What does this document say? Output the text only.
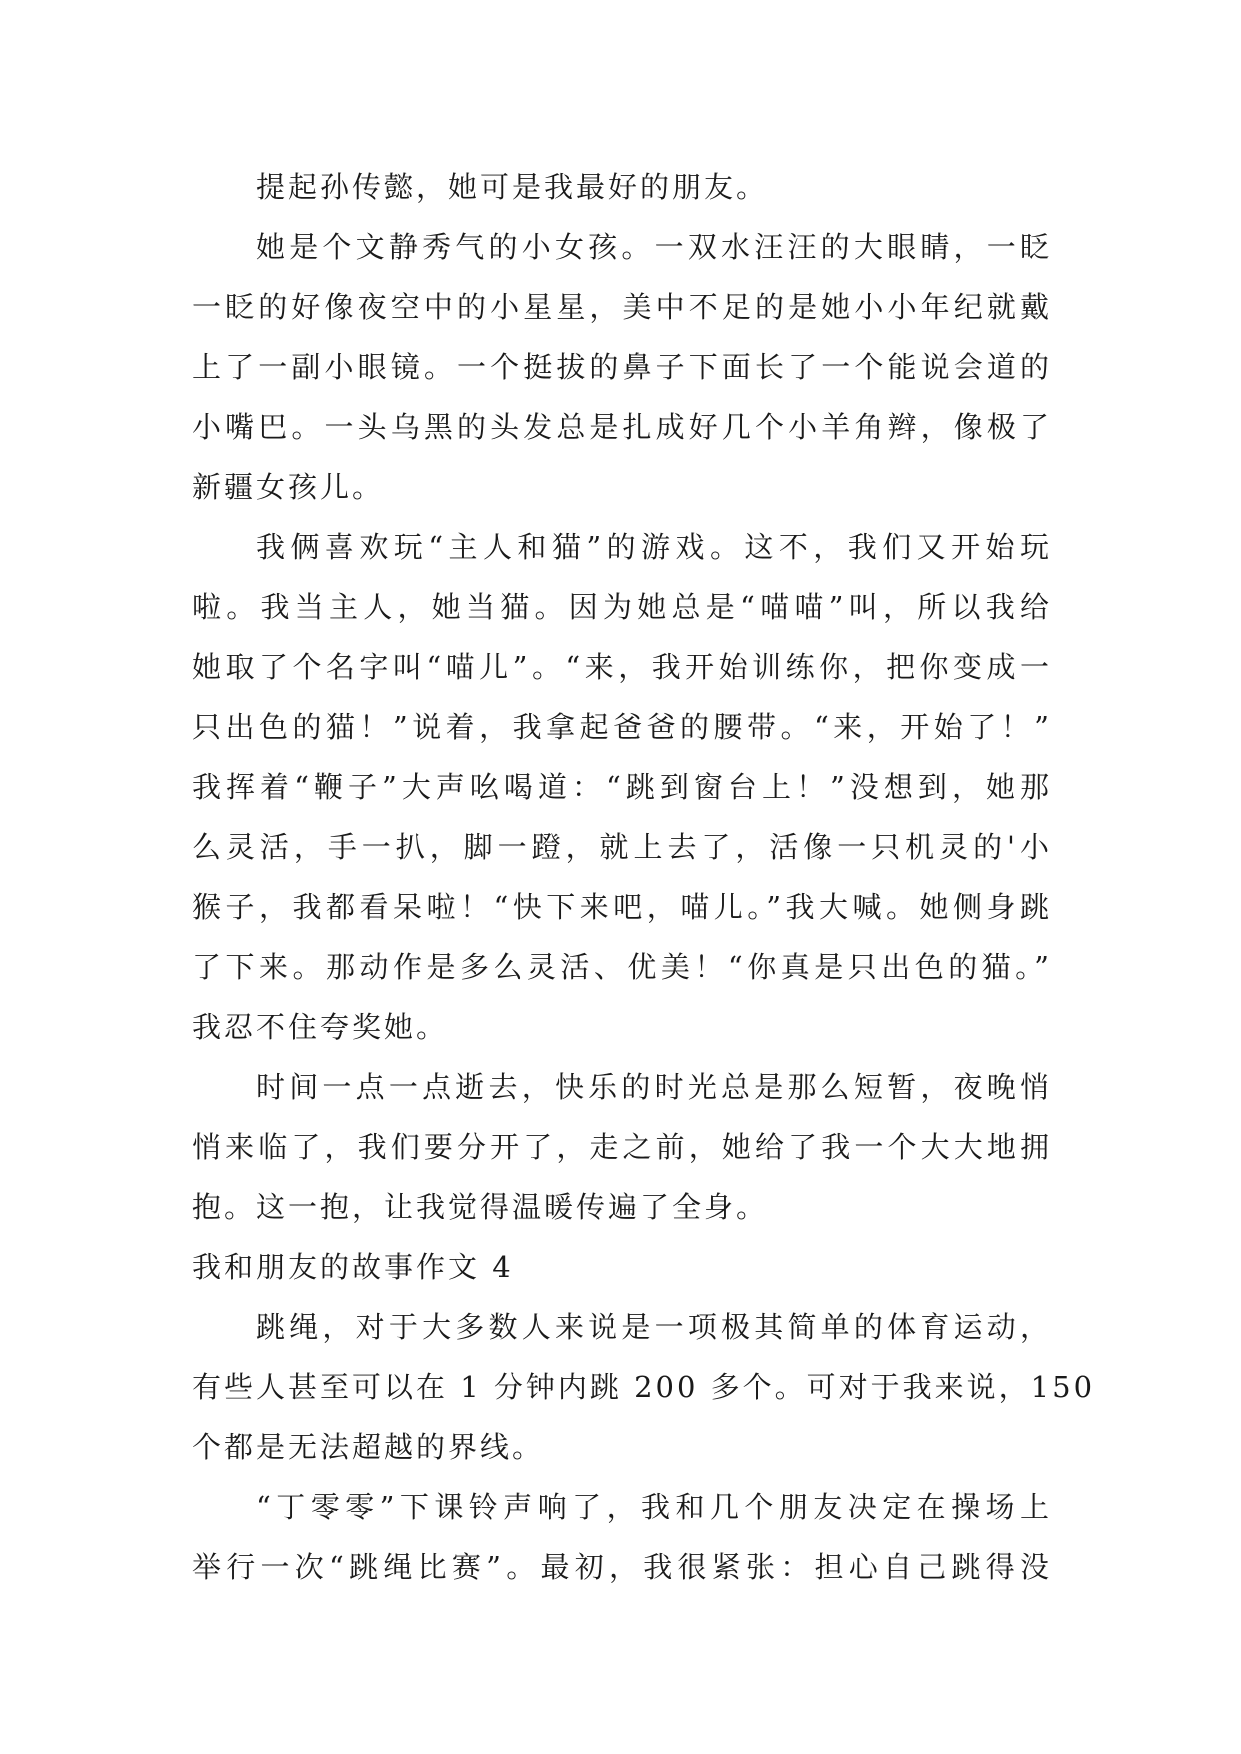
提起孙传懿，她可是我最好的朋友。
她是个文静秀气的小女孩。一双水汪汪的大眼睛，一眨
一眨的好像夜空中的小星星，美中不足的是她小小年纪就戴
上了一副小眼镜。一个挺拔的鼻子下面长了一个能说会道的
小嘴巴。一头乌黑的头发总是扎成好几个小羊角辫，像极了
新疆女孩儿。
我俩喜欢玩“主人和猫”的游戏。这不，我们又开始玩
啦。我当主人，她当猫。因为她总是“喵喵”叫，所以我给
她取了个名字叫“喵儿”。“来，我开始训练你，把你变成一
只出色的猫！”说着，我拿起爸爸的腰带。“来，开始了！”
我挥着“鞭子”大声吆喝道：“跳到窗台上！”没想到，她那
么灵活，手一扒，脚一蹬，就上去了，活像一只机灵的'小
猴子，我都看呆啦！“快下来吧，喵儿。”我大喊。她侧身跳
了下来。那动作是多么灵活、优美！“你真是只出色的猫。”
我忍不住夸奖她。
时间一点一点逝去，快乐的时光总是那么短暂，夜晚悄
悄来临了，我们要分开了，走之前，她给了我一个大大地拥
抱。这一抱，让我觉得温暖传遍了全身。
我和朋友的故事作文 4
跳绳，对于大多数人来说是一项极其简单的体育运动，
有些人甚至可以在 1 分钟内跳 200 多个。可对于我来说，150
个都是无法超越的界线。
“丁零零”下课铃声响了，我和几个朋友决定在操场上
举行一次“跳绳比赛”。最初，我很紧张：担心自己跳得没
